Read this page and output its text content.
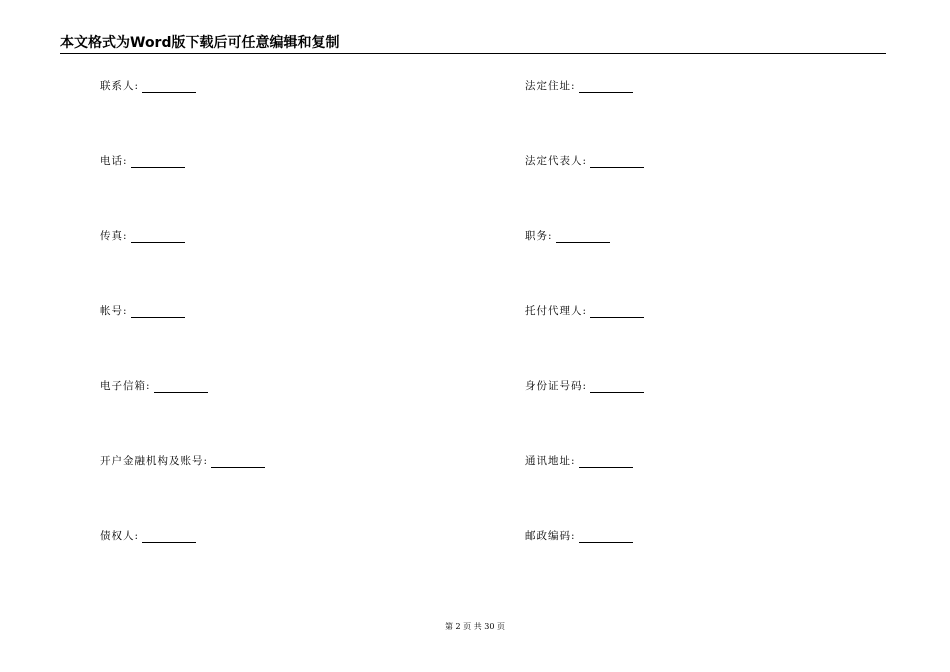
本文格式为Word版下载后可任意编辑和复制
联系人:
电话:
传真:
帐号:
电子信箱:
开户金融机构及账号:
债权人:
法定住址:
法定代表人:
职务:
托付代理人:
身份证号码:
通讯地址:
邮政编码:
第 2 页 共 30 页
